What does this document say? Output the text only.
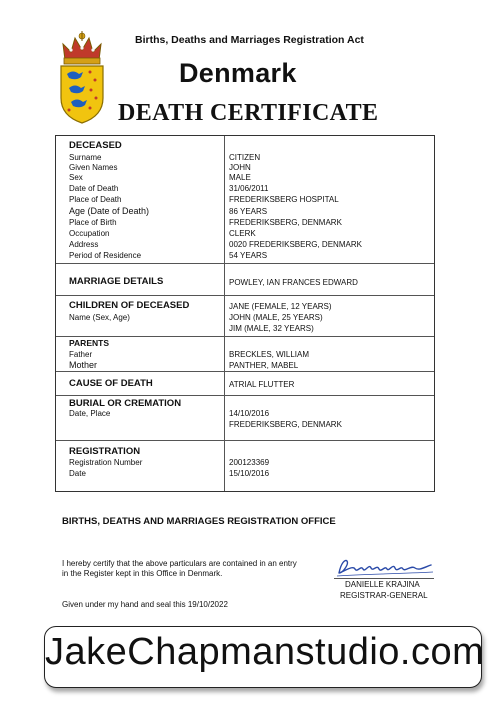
Births, Deaths and Marriages Registration Act
Denmark
DEATH CERTIFICATE
DECEASED
Surname	CITIZEN
Given Names	JOHN
Sex	MALE
Date of Death	31/06/2011
Place of Death	FREDERIKSBERG HOSPITAL
Age (Date of Death)	86 YEARS
Place of Birth	FREDERIKSBERG, DENMARK
Occupation	CLERK
Address	0020 FREDERIKSBERG, DENMARK
Period of Residence	54 YEARS
MARRIAGE DETAILS	POWLEY, IAN FRANCES EDWARD
CHILDREN OF DECEASED
Name (Sex, Age)
JANE (FEMALE, 12 YEARS)
JOHN (MALE, 25 YEARS)
JIM (MALE, 32 YEARS)
PARENTS
Father	BRECKLES, WILLIAM
Mother	PANTHER, MABEL
CAUSE OF DEATH	ATRIAL FLUTTER
BURIAL OR CREMATION
Date, Place	14/10/2016
FREDERIKSBERG, DENMARK
REGISTRATION
Registration Number	200123369
Date	15/10/2016
BIRTHS, DEATHS AND MARRIAGES REGISTRATION OFFICE
I hereby certify that the above particulars are contained in an entry
in the Register kept in this Office in Denmark.
DANIELLE KRAJINA
REGISTRAR-GENERAL
Given under my hand and seal this 19/10/2022
JakeChapmanstudio.com
